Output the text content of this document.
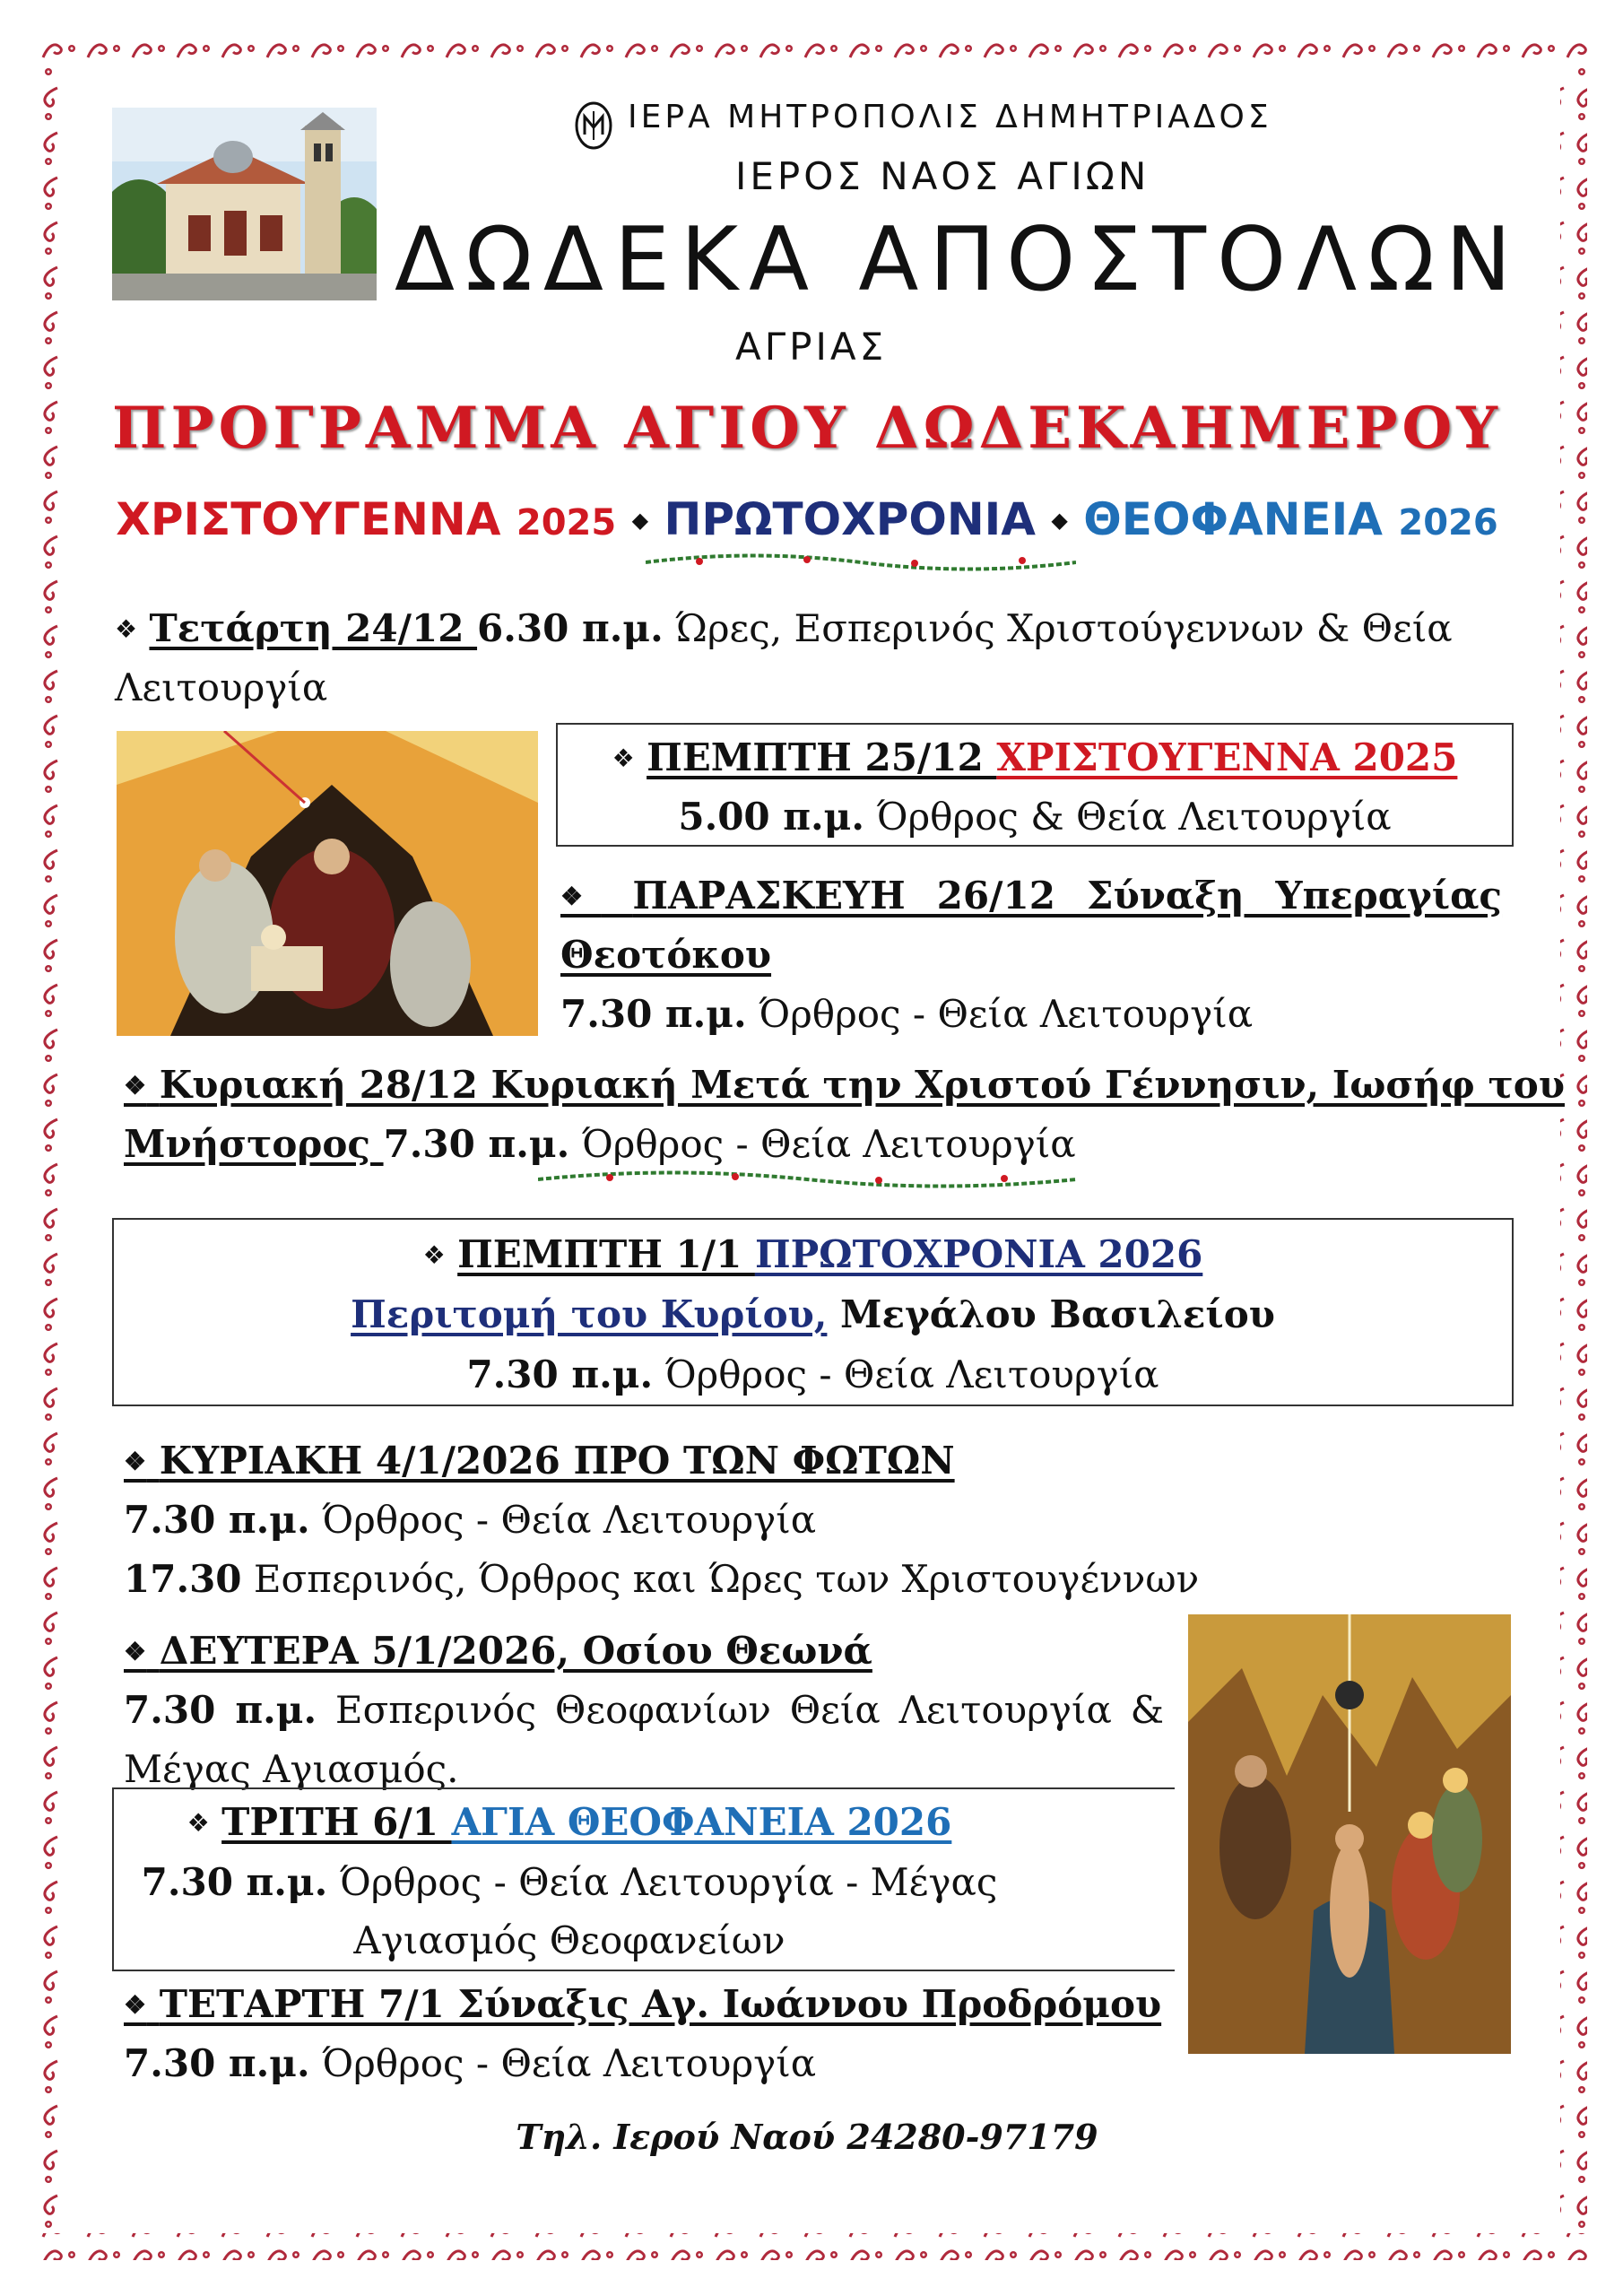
ΙΕΡΑ ΜΗΤΡΟΠΟΛΙΣ ΔΗΜΗΤΡΙΑΔΟΣ
ΙΕΡΟΣ ΝΑΟΣ ΑΓΙΩΝ
ΔΩΔΕΚΑ ΑΠΟΣΤΟΛΩΝ
ΑΓΡΙΑΣ
ΠΡΟΓΡΑΜΜΑ ΑΓΙΟΥ ΔΩΔΕΚΑΗΜΕΡΟΥ
ΧΡΙΣΤΟΥΓΕΝΝΑ 2025 ◆ ΠΡΩΤΟΧΡΟΝΙΑ ◆ ΘΕΟΦΑΝΕΙΑ 2026
❖ Τετάρτη 24/12 6.30 π.μ. Ώρες, Εσπερινός Χριστούγεννων & Θεία
Λειτουργία
❖ ΠΕΜΠΤΗ 25/12 ΧΡΙΣΤΟΥΓΕΝΝΑ 2025
5.00 π.μ. Όρθρος & Θεία Λειτουργία
❖ ΠΑΡΑΣΚΕΥΗ 26/12 Σύναξη Υπεραγίας
Θεοτόκου
7.30 π.μ. Όρθρος - Θεία Λειτουργία
❖ Κυριακή 28/12 Κυριακή Μετά την Χριστού Γέννησιν, Ιωσήφ του
Μνήστορος 7.30 π.μ. Όρθρος - Θεία Λειτουργία
❖ ΠΕΜΠΤΗ 1/1 ΠΡΩΤΟΧΡΟΝΙΑ 2026
Περιτομή του Κυρίου, Μεγάλου Βασιλείου
7.30 π.μ. Όρθρος - Θεία Λειτουργία
❖ ΚΥΡΙΑΚΗ 4/1/2026 ΠΡΟ ΤΩΝ ΦΩΤΩΝ
7.30 π.μ. Όρθρος - Θεία Λειτουργία
17.30 Εσπερινός, Όρθρος και Ώρες των Χριστουγέννων
❖ ΔΕΥΤΕΡΑ 5/1/2026, Οσίου Θεωνά
7.30 π.μ. Εσπερινός Θεοφανίων Θεία Λειτουργία &
Μέγας Αγιασμός.
❖ ΤΡΙΤΗ 6/1 ΑΓΙΑ ΘΕΟΦΑΝΕΙΑ 2026
7.30 π.μ. Όρθρος - Θεία Λειτουργία - Μέγας
Αγιασμός Θεοφανείων
❖ ΤΕΤΑΡΤΗ 7/1 Σύναξις Αγ. Ιωάννου Προδρόμου
7.30 π.μ. Όρθρος - Θεία Λειτουργία
Τηλ. Ιερού Ναού 24280-97179
